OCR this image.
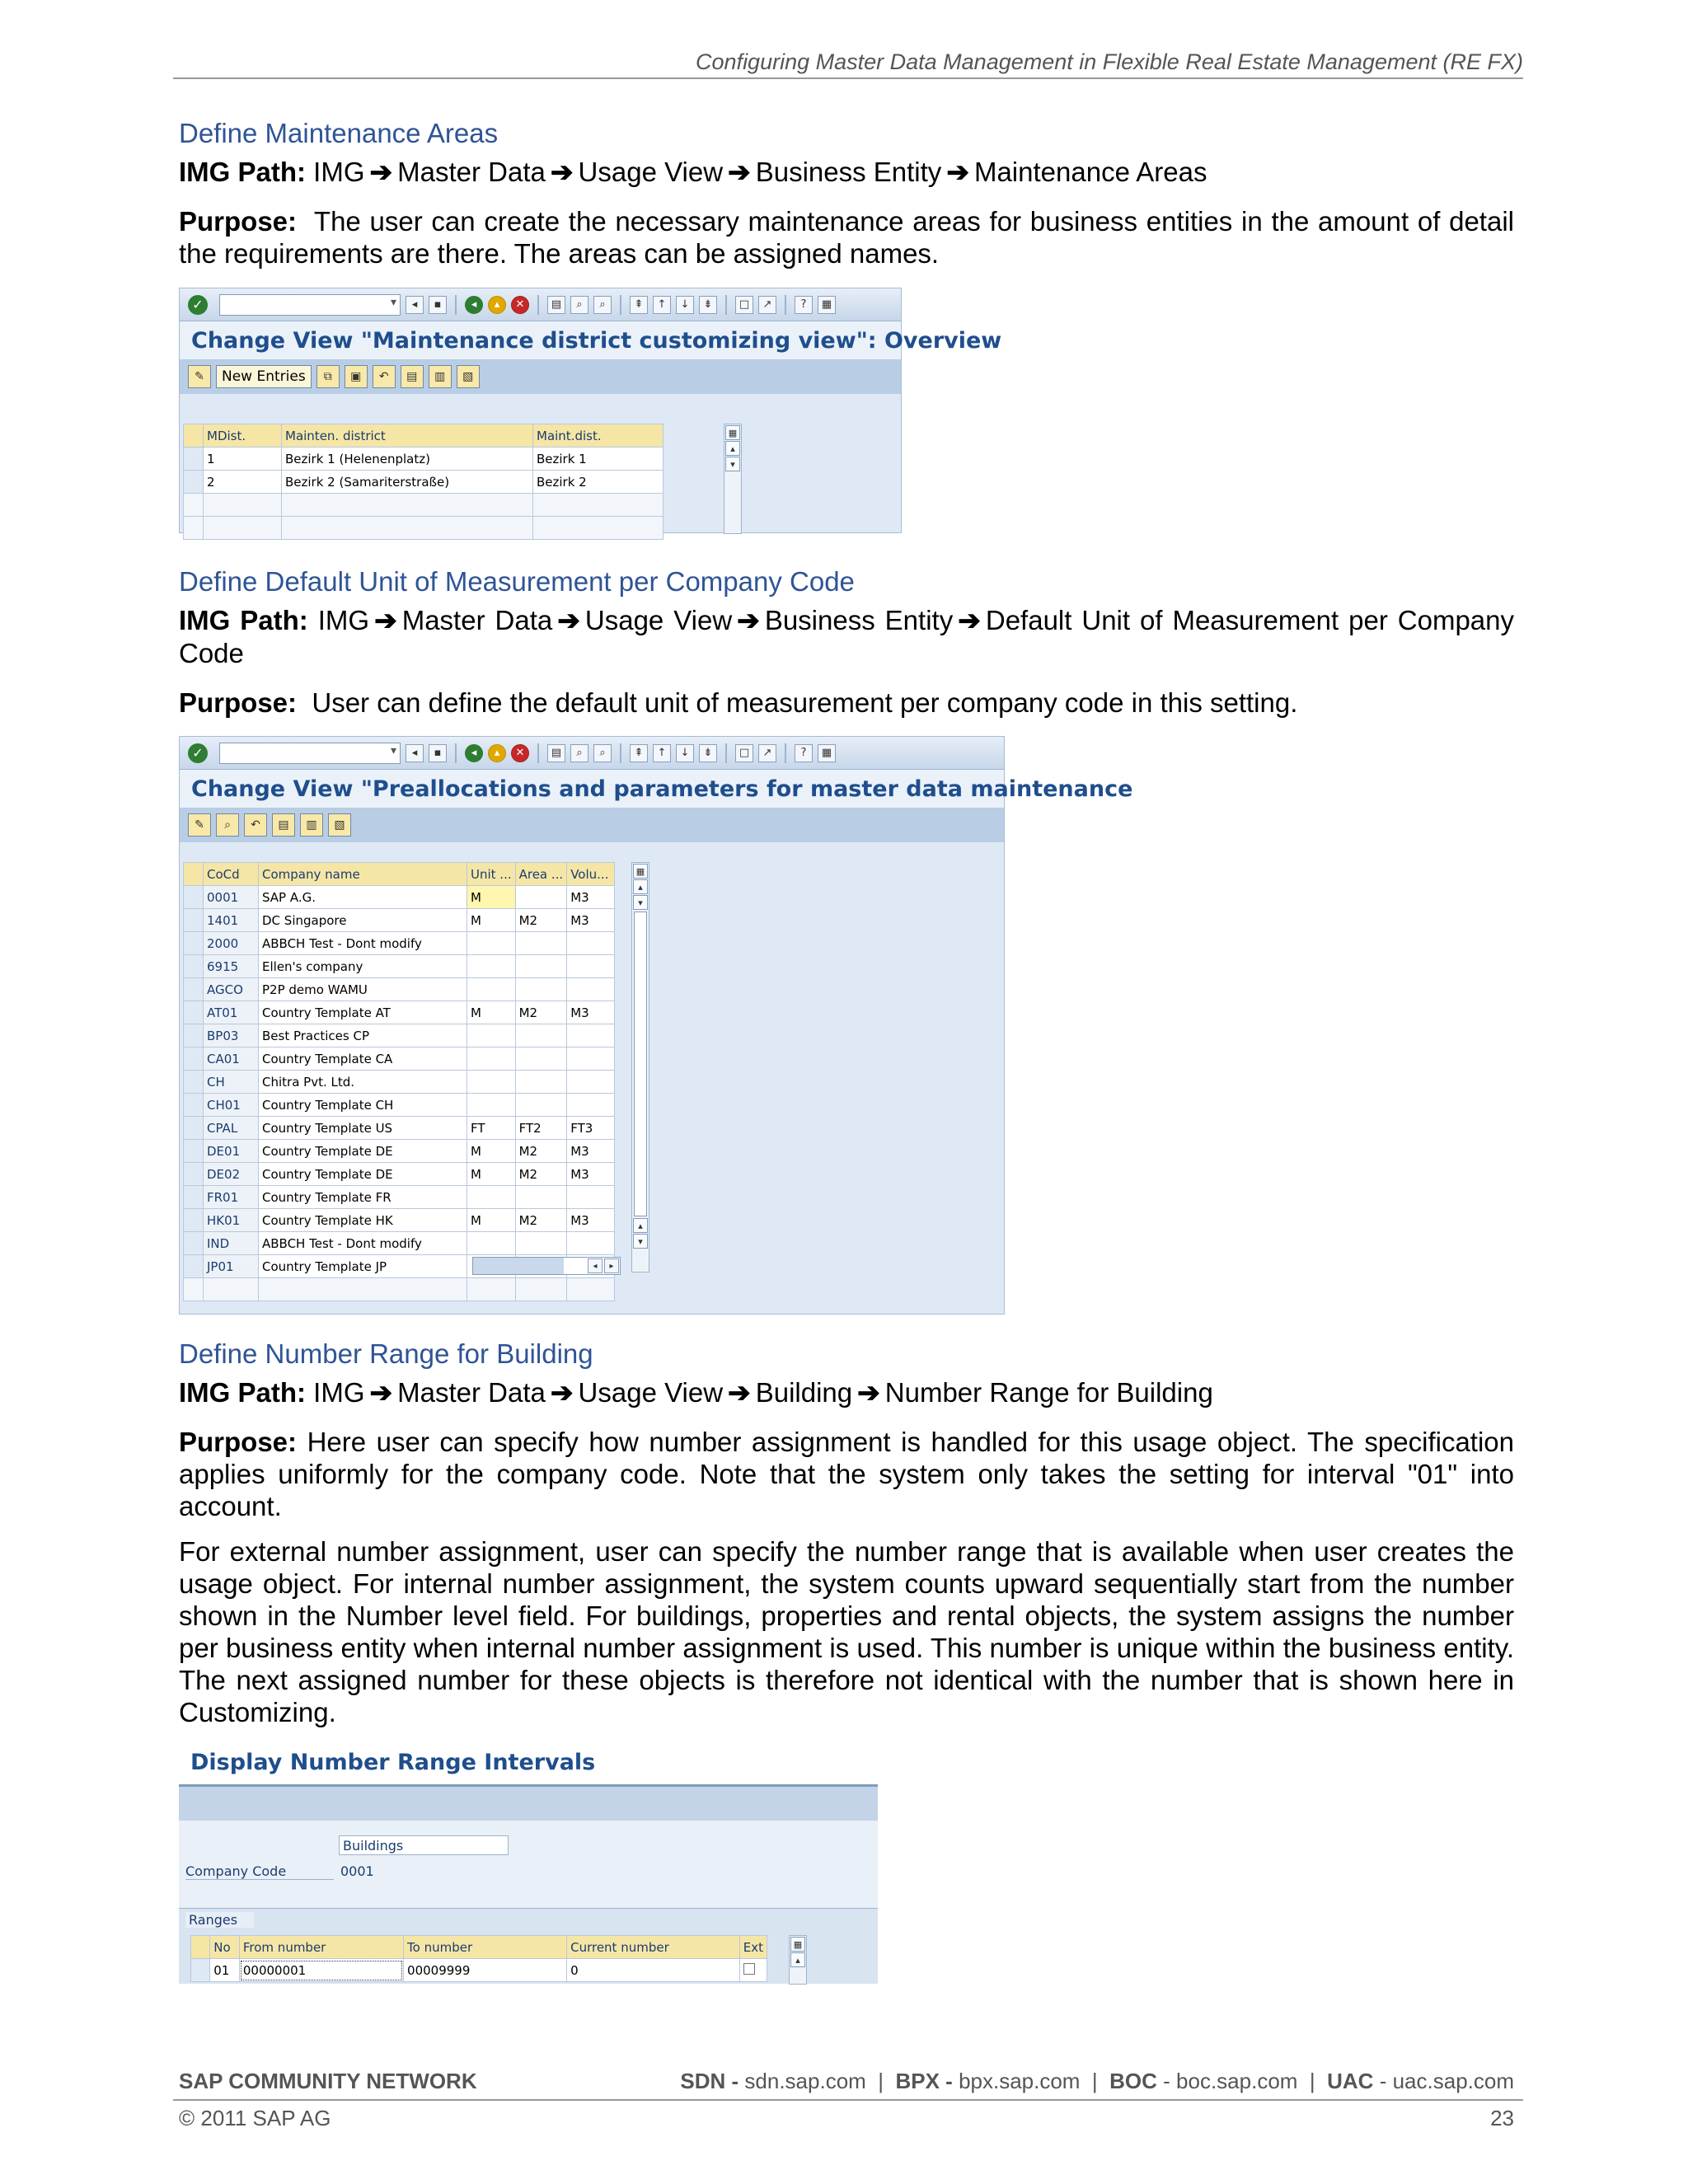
Configuring Master Data Management in Flexible Real Estate Management (RE FX)
Define Maintenance Areas
IMG Path: IMG ➔ Master Data ➔ Usage View ➔ Business Entity ➔ Maintenance Areas
Purpose: The user can create the necessary maintenance areas for business entities in the amount of detail the requirements are there. The areas can be assigned names.
✓ ▾	◂	▪	◂	▴	✕	▤	⌕	⌕	⇞	↑	↓	⇟	□	↗	?	▦
Change View "Maintenance district customizing view": Overview
✎	New Entries	⧉	▣	↶	▤	▥	▧
	MDist.	Mainten. district	Maint.dist.
	1	Bezirk 1 (Helenenplatz)	Bezirk 1
	2	Bezirk 2 (Samariterstraße)	Bezirk 2

▦
▴
▾
Define Default Unit of Measurement per Company Code
IMG Path: IMG ➔ Master Data ➔ Usage View ➔ Business Entity ➔ Default Unit of Measurement per Company Code
Purpose: User can define the default unit of measurement per company code in this setting.
✓ ▾	◂	▪	◂	▴	✕	▤	⌕	⌕	⇞	↑	↓	⇟	□	↗	?	▦
Change View "Preallocations and parameters for master data maintenance
✎	⌕	↶	▤	▥	▧
	CoCd	Company name	Unit ...	Area ...	Volu...
	0001	SAP A.G.	M		M3
	1401	DC Singapore	M	M2	M3
	2000	ABBCH Test - Dont modify			
	6915	Ellen's company			
	AGCO	P2P demo WAMU			
	AT01	Country Template AT	M	M2	M3
	BP03	Best Practices CP			
	CA01	Country Template CA			
	CH	Chitra Pvt. Ltd.			
	CH01	Country Template CH			
	CPAL	Country Template US	FT	FT2	FT3
	DE01	Country Template DE	M	M2	M3
	DE02	Country Template DE	M	M2	M3
	FR01	Country Template FR			
	HK01	Country Template HK	M	M2	M3
	IND	ABBCH Test - Dont modify			
	JP01	Country Template JP			

▦
▴
▾
▴
▾
◂	▸
Define Number Range for Building
IMG Path: IMG ➔ Master Data ➔ Usage View ➔ Building ➔ Number Range for Building
Purpose: Here user can specify how number assignment is handled for this usage object. The specification applies uniformly for the company code. Note that the system only takes the setting for interval "01" into account.
For external number assignment, user can specify the number range that is available when user creates the usage object. For internal number assignment, the system counts upward sequentially start from the number shown in the Number level field. For buildings, properties and rental objects, the system assigns the number per business entity when internal number assignment is used. This number is unique within the business entity. The next assigned number for these objects is therefore not identical with the number that is shown here in Customizing.
Display Number Range Intervals
Buildings
Company Code	0001
Ranges
	No	From number	To number	Current number	Ext
	01	00000001	00009999	0	
▦
▴
SAP COMMUNITY NETWORK	SDN - sdn.sap.com | BPX - bpx.sap.com | BOC - boc.sap.com | UAC - uac.sap.com
© 2011 SAP AG	23
